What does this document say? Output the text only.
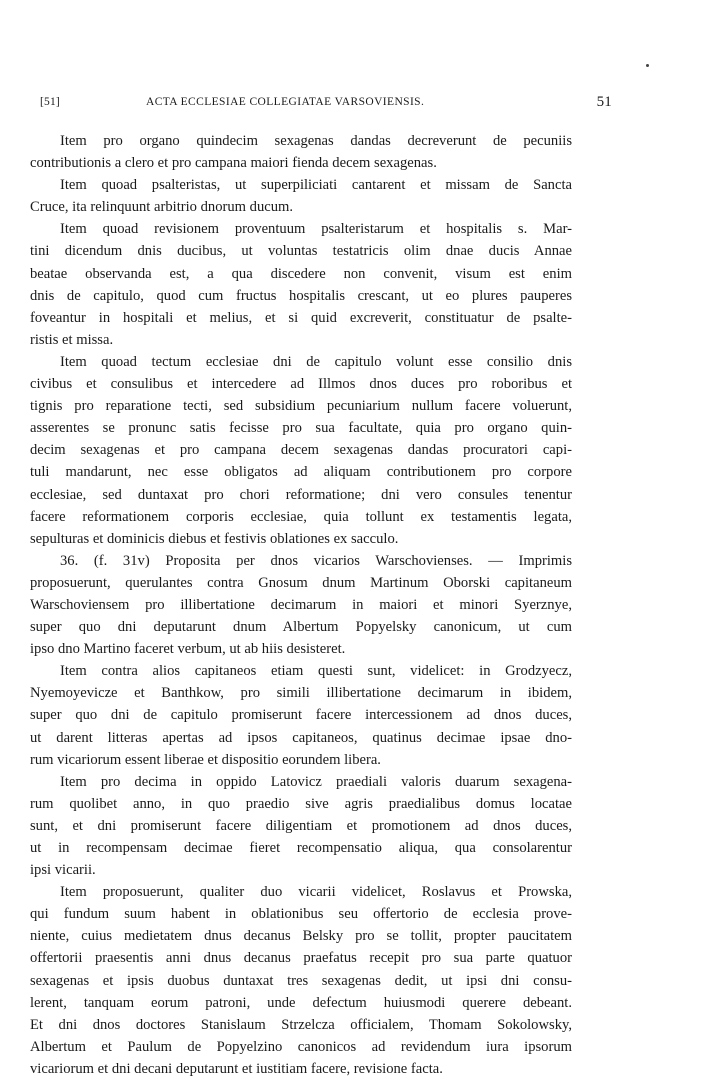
[51]	ACTA ECCLESIAE COLLEGIATAE VARSOVIENSIS.	51
Item pro organo quindecim sexagenas dandas decreverunt de pecuniis
contributionis a clero et pro campana maiori fienda decem sexagenas.
Item quoad psalteristas, ut superpiliciati cantarent et missam de Sancta
Cruce, ita relinquunt arbitrio dnorum ducum.
Item quoad revisionem proventuum psalteristarum et hospitalis s. Mar-
tini dicendum dnis ducibus, ut voluntas testatricis olim dnae ducis Annae
beatae observanda est, a qua discedere non convenit, visum est enim
dnis de capitulo, quod cum fructus hospitalis crescant, ut eo plures pauperes
foveantur in hospitali et melius, et si quid excreverit, constituatur de psalte-
ristis et missa.
Item quoad tectum ecclesiae dni de capitulo volunt esse consilio dnis
civibus et consulibus et intercedere ad Illmos dnos duces pro roboribus et
tignis pro reparatione tecti, sed subsidium pecuniarium nullum facere voluerunt,
asserentes se pronunc satis fecisse pro sua facultate, quia pro organo quin-
decim sexagenas et pro campana decem sexagenas dandas procuratori capi-
tuli mandarunt, nec esse obligatos ad aliquam contributionem pro corpore
ecclesiae, sed duntaxat pro chori reformatione; dni vero consules tenentur
facere reformationem corporis ecclesiae, quia tollunt ex testamentis legata,
sepulturas et dominicis diebus et festivis oblationes ex sacculo.
36. (f. 31v) Proposita per dnos vicarios Warschovienses. — Imprimis
proposuerunt, querulantes contra Gnosum dnum Martinum Oborski capitaneum
Warschoviensem pro illibertatione decimarum in maiori et minori Syerznye,
super quo dni deputarunt dnum Albertum Popyelsky canonicum, ut cum
ipso dno Martino faceret verbum, ut ab hiis desisteret.
Item contra alios capitaneos etiam questi sunt, videlicet: in Grodzyecz,
Nyemoyevicze et Banthkow, pro simili illibertatione decimarum in ibidem,
super quo dni de capitulo promiserunt facere intercessionem ad dnos duces,
ut darent litteras apertas ad ipsos capitaneos, quatinus decimae ipsae dno-
rum vicariorum essent liberae et dispositio eorundem libera.
Item pro decima in oppido Latovicz praediali valoris duarum sexagena-
rum quolibet anno, in quo praedio sive agris praedialibus domus locatae
sunt, et dni promiserunt facere diligentiam et promotionem ad dnos duces,
ut in recompensam decimae fieret recompensatio aliqua, qua consolarentur
ipsi vicarii.
Item proposuerunt, qualiter duo vicarii videlicet, Roslavus et Prowska,
qui fundum suum habent in oblationibus seu offertorio de ecclesia prove-
niente, cuius medietatem dnus decanus Belsky pro se tollit, propter paucitatem
offertorii praesentis anni dnus decanus praefatus recepit pro sua parte quatuor
sexagenas et ipsis duobus duntaxat tres sexagenas dedit, ut ipsi dni consu-
lerent, tanquam eorum patroni, unde defectum huiusmodi querere debeant.
Et dni dnos doctores Stanislaum Strzelcza officialem, Thomam Sokolowsky,
Albertum et Paulum de Popyelzino canonicos ad revidendum iura ipsorum
vicariorum et dni decani deputarunt et iustitiam facere, revisione facta.
